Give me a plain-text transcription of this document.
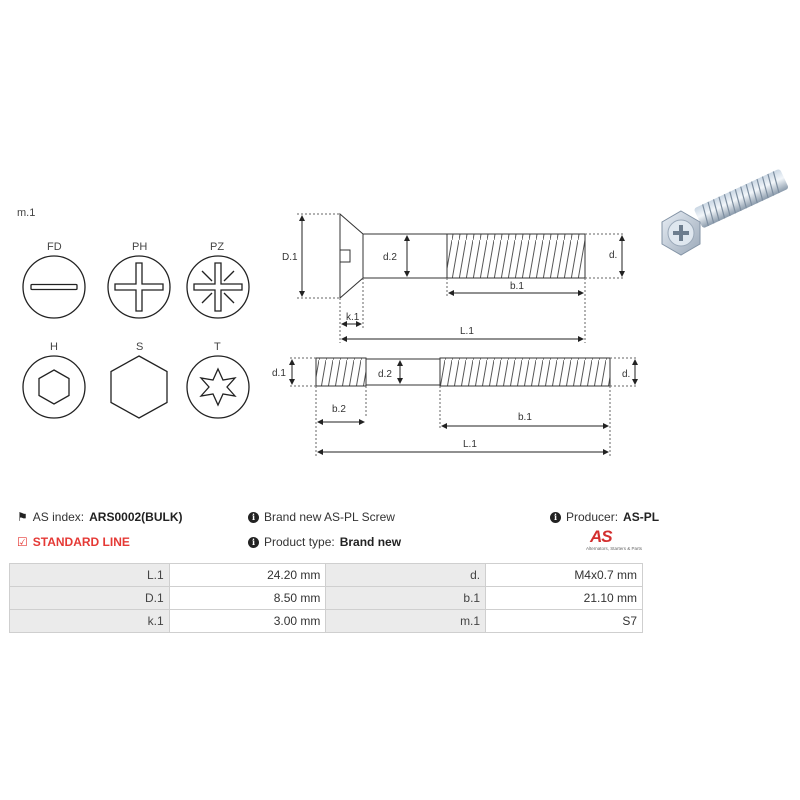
m.1
FD	PH	PZ
H	S	T
D.1	d.2	d.
b.1
k.1
L.1
d.1	d.2	d.
b.2
b.1
L.1
⚑ AS index: ARS0002(BULK)
☑ STANDARD LINE
i Brand new AS-PL Screw
i Product type: Brand new
i Producer: AS-PL
AS
Alternators, Starters & Parts
L.1	24.20 mm	d.	M4x0.7 mm
D.1	8.50 mm	b.1	21.10 mm
k.1	3.00 mm	m.1	S7
